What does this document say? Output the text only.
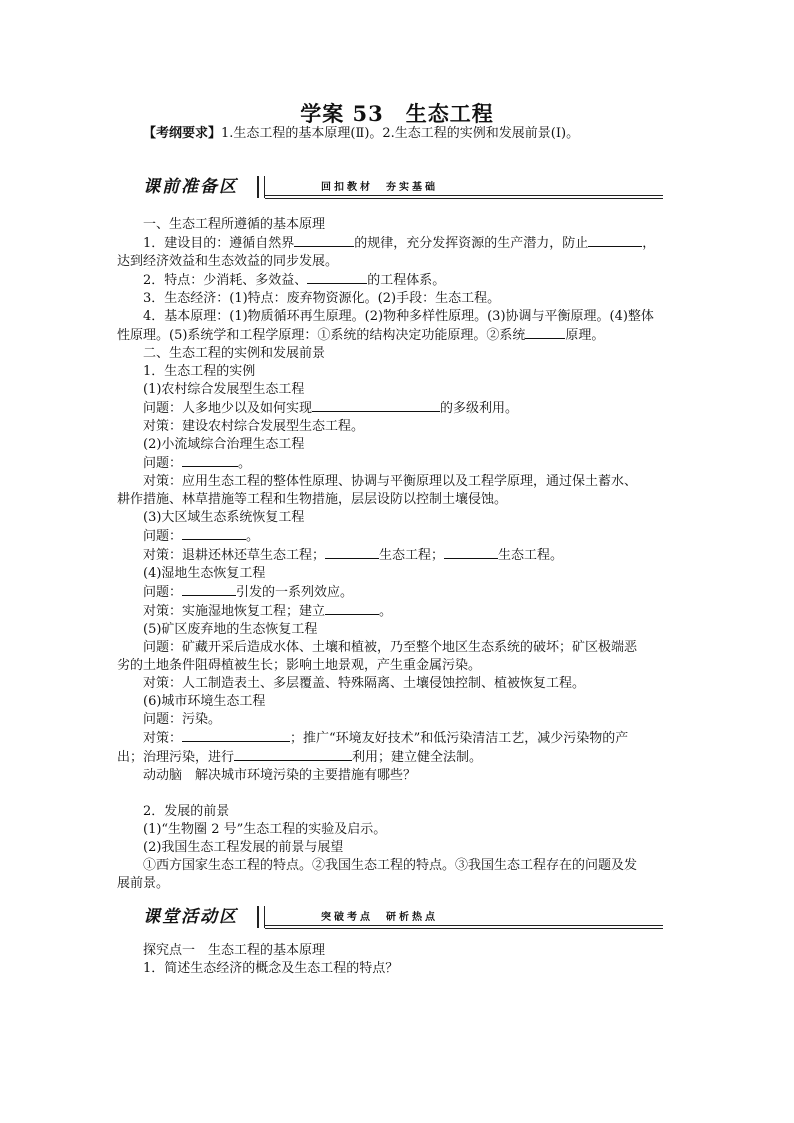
学案 53　生态工程
【考纲要求】1.生态工程的基本原理(Ⅱ)。2.生态工程的实例和发展前景(Ⅰ)。
课前准备区	回扣教材　夯实基础

一、生态工程所遵循的基本原理

1．建设目的：遵循自然界	的规律，充分发挥资源的生产潜力，防止	，

达到经济效益和生态效益的同步发展。

2．特点：少消耗、多效益、	的工程体系。

3．生态经济：(1)特点：废弃物资源化。(2)手段：生态工程。

4．基本原理：(1)物质循环再生原理。(2)物种多样性原理。(3)协调与平衡原理。(4)整体

性原理。(5)系统学和工程学原理：①系统的结构决定功能原理。②系统	原理。

二、生态工程的实例和发展前景

1．生态工程的实例

(1)农村综合发展型生态工程

问题：人多地少以及如何实现	的多级利用。

对策：建设农村综合发展型生态工程。

(2)小流域综合治理生态工程

问题：	。

对策：应用生态工程的整体性原理、协调与平衡原理以及工程学原理，通过保土蓄水、

耕作措施、林草措施等工程和生物措施，层层设防以控制土壤侵蚀。

(3)大区域生态系统恢复工程

问题：	。

对策：退耕还林还草生态工程；	生态工程；	生态工程。

(4)湿地生态恢复工程

问题：	引发的一系列效应。

对策：实施湿地恢复工程；建立	。

(5)矿区废弃地的生态恢复工程

问题：矿藏开采后造成水体、土壤和植被，乃至整个地区生态系统的破坏；矿区极端恶

劣的土地条件阻碍植被生长；影响土地景观，产生重金属污染。

对策：人工制造表土、多层覆盖、特殊隔离、土壤侵蚀控制、植被恢复工程。

(6)城市环境生态工程

问题：污染。

对策：	；推广“环境友好技术”和低污染清洁工艺，减少污染物的产

出；治理污染，进行	利用；建立健全法制。

动动脑　 解决城市环境污染的主要措施有哪些？

2．发展的前景

(1)“生物圈 2 号”生态工程的实验及启示。

(2)我国生态工程发展的前景与展望

①西方国家生态工程的特点。②我国生态工程的特点。③我国生态工程存在的问题及发

展前景。

课堂活动区	突破考点　研析热点
探究点一　 生态工程的基本原理
1．简述生态经济的概念及生态工程的特点？
